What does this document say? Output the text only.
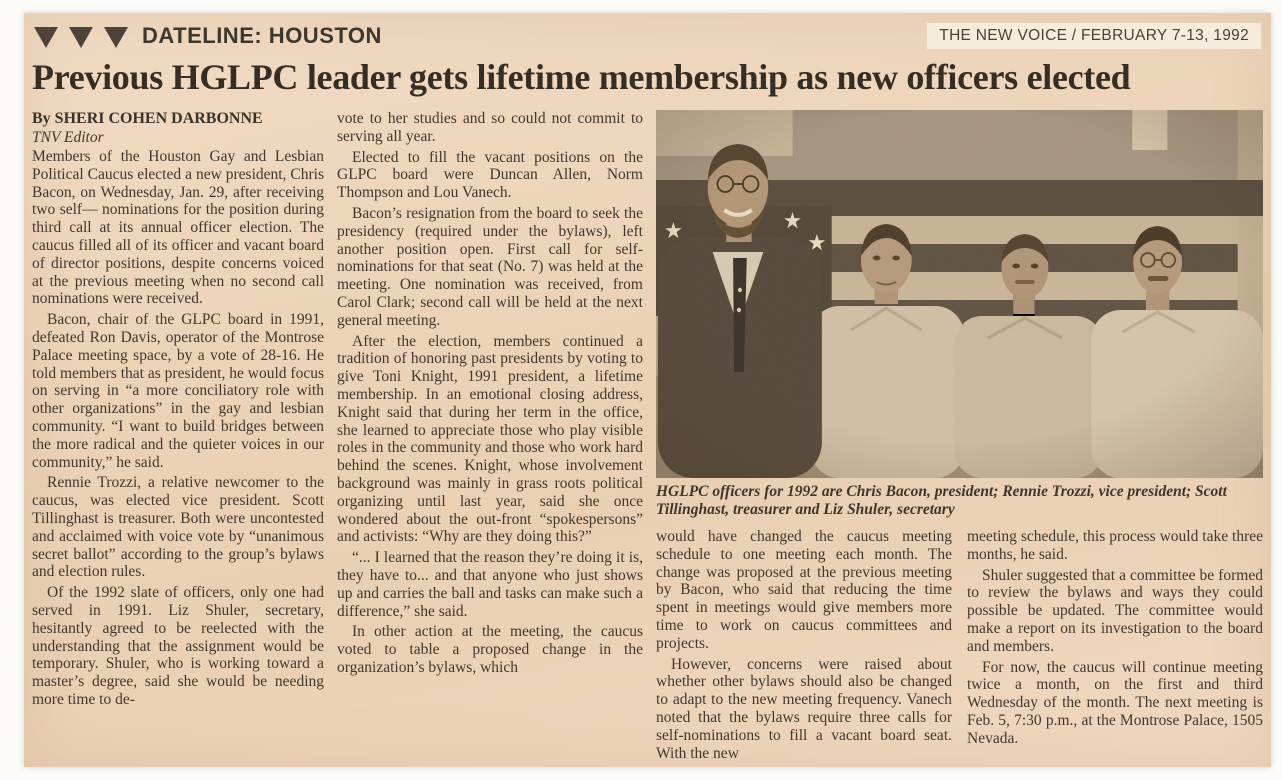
DATELINE: HOUSTON	THE NEW VOICE / FEBRUARY 7-13, 1992
Previous HGLPC leader gets lifetime membership as new officers elected

By SHERI COHEN DARBONNE

TNV Editor

Members of the Houston Gay and Lesbian Political Caucus elected a new president, Chris Bacon, on Wednesday, Jan. 29, after receiving two self— nominations for the position during third call at its annual officer election. The caucus filled all of its officer and vacant board of director positions, despite concerns voiced at the previous meeting when no second call nominations were received.

Bacon, chair of the GLPC board in 1991, defeated Ron Davis, operator of the Montrose Palace meeting space, by a vote of 28-16. He told members that as president, he would focus on serving in “a more conciliatory role with other organizations” in the gay and lesbian community. “I want to build bridges between the more radical and the quieter voices in our community,” he said.

Rennie Trozzi, a relative newcomer to the caucus, was elected vice president. Scott Tillinghast is treasurer. Both were uncontested and acclaimed with voice vote by “unanimous secret ballot” according to the group’s bylaws and election rules.

Of the 1992 slate of officers, only one had served in 1991. Liz Shuler, secretary, hesitantly agreed to be reelected with the understanding that the assignment would be temporary. Shuler, who is working toward a master’s degree, said she would be needing more time to de-

vote to her studies and so could not commit to serving all year.

Elected to fill the vacant positions on the GLPC board were Duncan Allen, Norm Thompson and Lou Vanech.

Bacon’s resignation from the board to seek the presidency (required under the bylaws), left another position open. First call for self-nominations for that seat (No. 7) was held at the meeting. One nomination was received, from Carol Clark; second call will be held at the next general meeting.

After the election, members continued a tradition of honoring past presidents by voting to give Toni Knight, 1991 president, a lifetime membership. In an emotional closing address, Knight said that during her term in the office, she learned to appreciate those who play visible roles in the community and those who work hard behind the scenes. Knight, whose involvement background was mainly in grass roots political organizing until last year, said she once wondered about the out-front “spokespersons” and activists: “Why are they doing this?”

“... I learned that the reason they’re doing it is, they have to... and that anyone who just shows up and carries the ball and tasks can make such a difference,” she said.

In other action at the meeting, the caucus voted to table a proposed change in the organization’s bylaws, which

HGLPC officers for 1992 are Chris Bacon, president; Rennie Trozzi, vice president; Scott Tillinghast, treasurer and Liz Shuler, secretary

would have changed the caucus meeting schedule to one meeting each month. The change was proposed at the previous meeting by Bacon, who said that reducing the time spent in meetings would give members more time to work on caucus committees and projects.

However, concerns were raised about whether other bylaws should also be changed to adapt to the new meeting frequency. Vanech noted that the bylaws require three calls for self-nominations to fill a vacant board seat. With the new

meeting schedule, this process would take three months, he said.

Shuler suggested that a committee be formed to review the bylaws and ways they could possible be updated. The committee would make a report on its investigation to the board and members.

For now, the caucus will continue meeting twice a month, on the first and third Wednesday of the month. The next meeting is Feb. 5, 7:30 p.m., at the Montrose Palace, 1505 Nevada.
